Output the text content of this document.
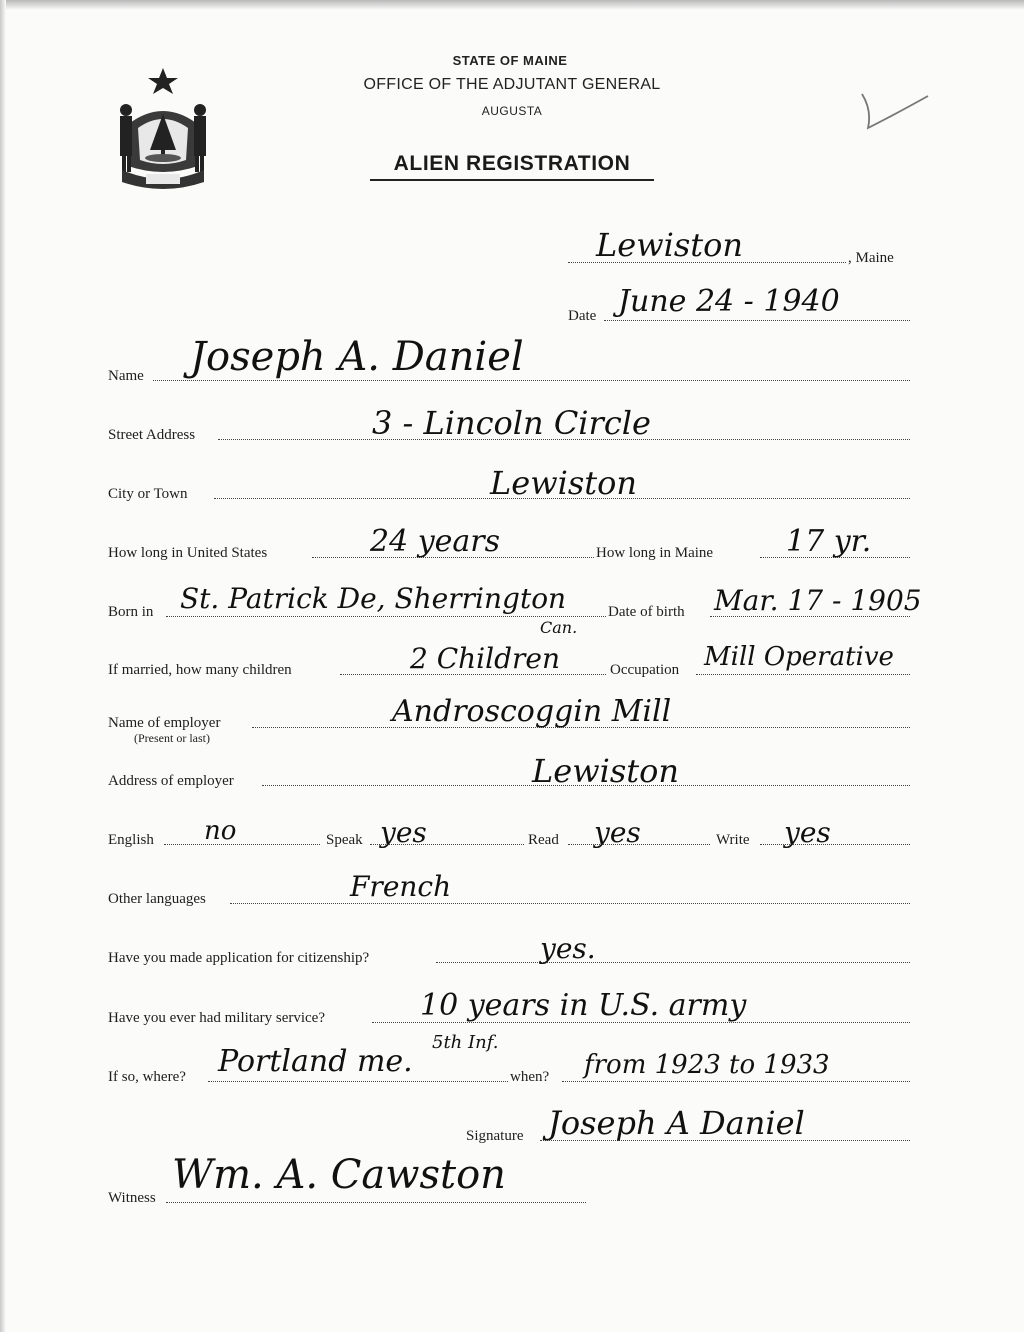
STATE OF MAINE
OFFICE OF THE ADJUTANT GENERAL
AUGUSTA
ALIEN REGISTRATION
Lewiston	, Maine
Date June 24 - 1940
Name Joseph A. Daniel
Street Address	3 - Lincoln Circle
City or Town	Lewiston
How long in United States	24 years	How long in Maine 17 yr.
Born in St. Patrick De, Sherrington
Can.
Date of birth Mar. 17 - 1905
If married, how many children	2 Children	Occupation Mill Operative
Name of employer
(Present or last)
Androscoggin Mill
Address of employer	Lewiston
English no	Speak yes	Read yes	Write yes
Other languages	French
Have you made application for citizenship?	yes.
Have you ever had military service?	10 years in U.S. army
If so, where? Portland me.
5th Inf.
when? from 1923 to 1933
Signature Joseph A Daniel
Witness Wm. A. Cawston
